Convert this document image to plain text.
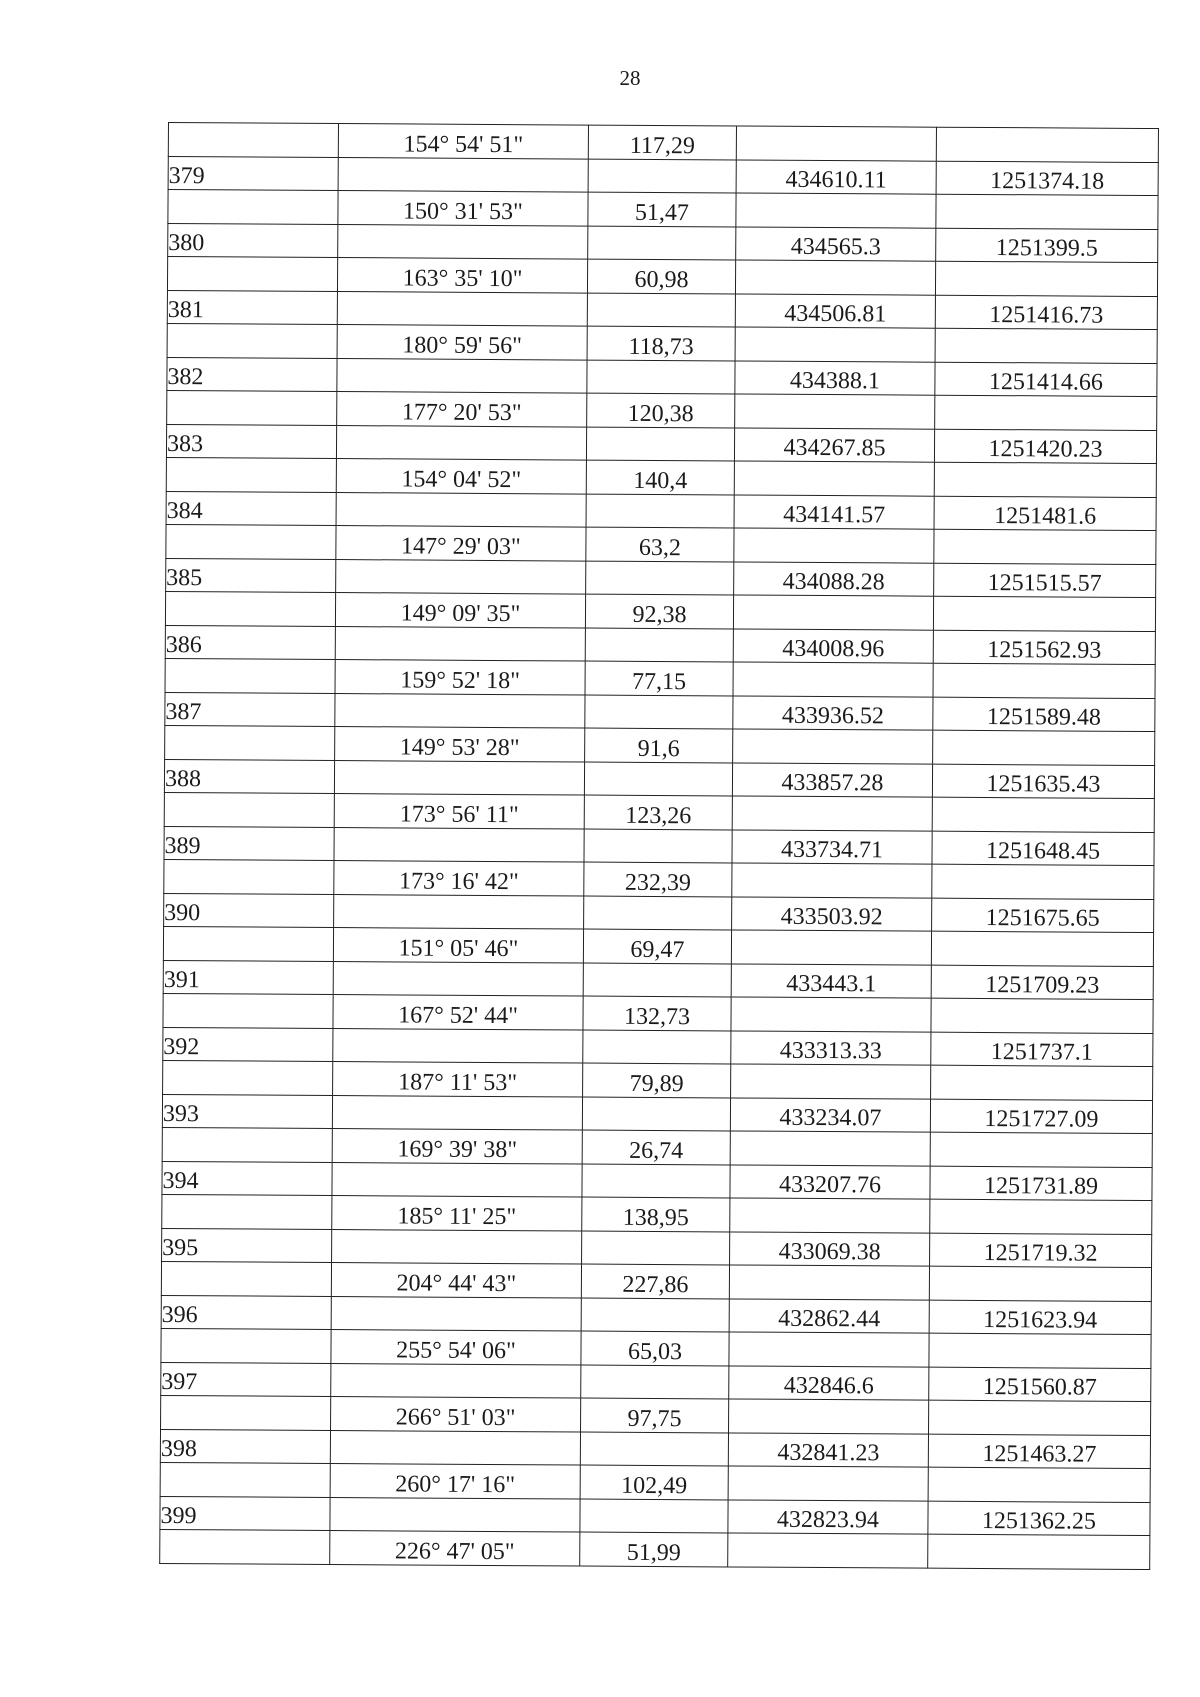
28
	154° 54' 51"	117,29		
379			434610.11	1251374.18
	150° 31' 53"	51,47		
380			434565.3	1251399.5
	163° 35' 10"	60,98		
381			434506.81	1251416.73
	180° 59' 56"	118,73		
382			434388.1	1251414.66
	177° 20' 53"	120,38		
383			434267.85	1251420.23
	154° 04' 52"	140,4		
384			434141.57	1251481.6
	147° 29' 03"	63,2		
385			434088.28	1251515.57
	149° 09' 35"	92,38		
386			434008.96	1251562.93
	159° 52' 18"	77,15		
387			433936.52	1251589.48
	149° 53' 28"	91,6		
388			433857.28	1251635.43
	173° 56' 11"	123,26		
389			433734.71	1251648.45
	173° 16' 42"	232,39		
390			433503.92	1251675.65
	151° 05' 46"	69,47		
391			433443.1	1251709.23
	167° 52' 44"	132,73		
392			433313.33	1251737.1
	187° 11' 53"	79,89		
393			433234.07	1251727.09
	169° 39' 38"	26,74		
394			433207.76	1251731.89
	185° 11' 25"	138,95		
395			433069.38	1251719.32
	204° 44' 43"	227,86		
396			432862.44	1251623.94
	255° 54' 06"	65,03		
397			432846.6	1251560.87
	266° 51' 03"	97,75		
398			432841.23	1251463.27
	260° 17' 16"	102,49		
399			432823.94	1251362.25
	226° 47' 05"	51,99		
